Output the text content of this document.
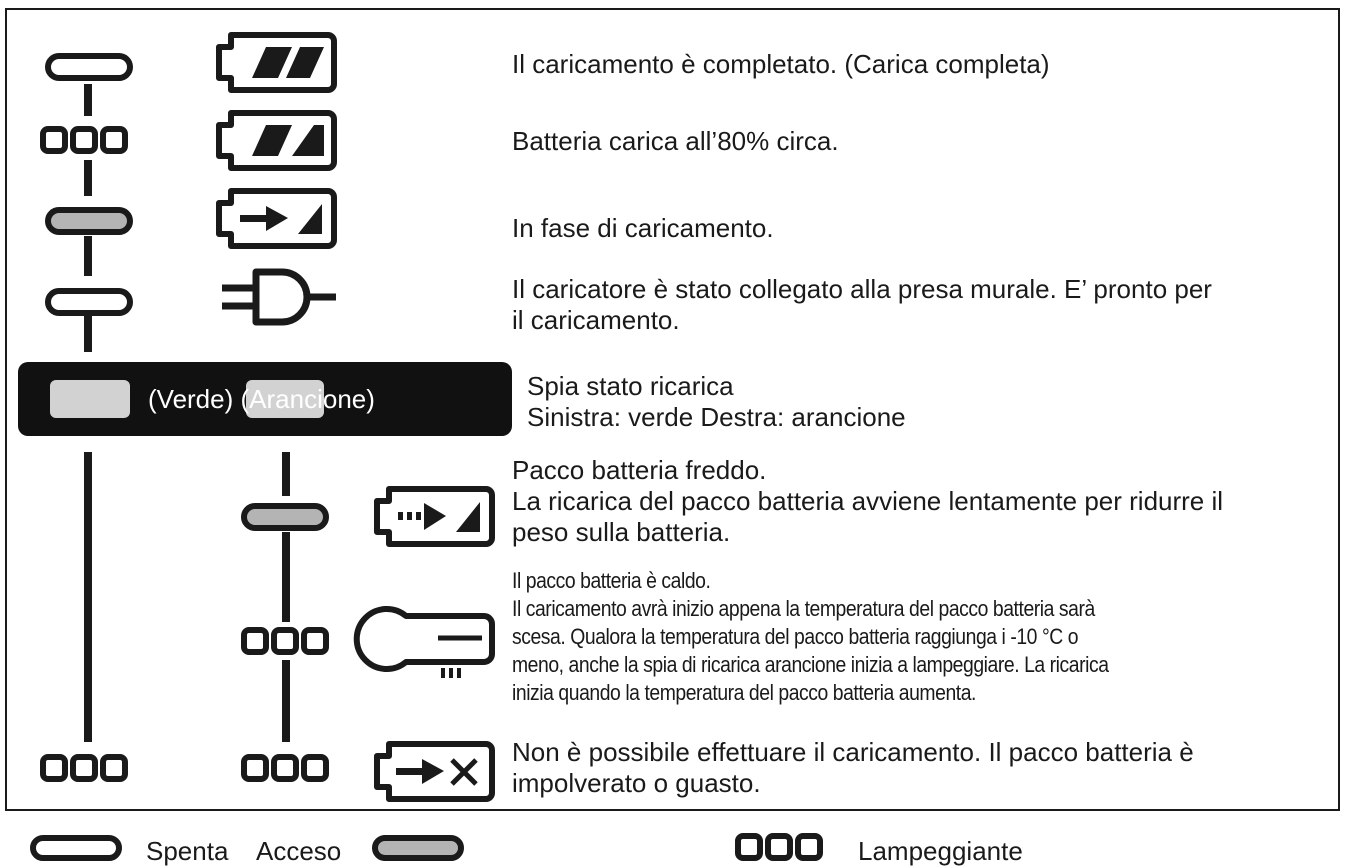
Il caricamento è completato. (Carica completa)
Batteria carica all’80% circa.
In fase di caricamento.
Il caricatore è stato collegato alla presa murale. E’ pronto per
il caricamento.
(Verde) (Arancione)	Spia stato ricarica
Sinistra: verde Destra: arancione
Pacco batteria freddo.
La ricarica del pacco batteria avviene lentamente per ridurre il
peso sulla batteria.
Il pacco batteria è caldo.
Il caricamento avrà inizio appena la temperatura del pacco batteria sarà
scesa. Qualora la temperatura del pacco batteria raggiunga i -10 °C o
meno, anche la spia di ricarica arancione inizia a lampeggiare. La ricarica
inizia quando la temperatura del pacco batteria aumenta.
Non è possibile effettuare il caricamento. Il pacco batteria è
impolverato o guasto.
Spenta Acceso	Lampeggiante
